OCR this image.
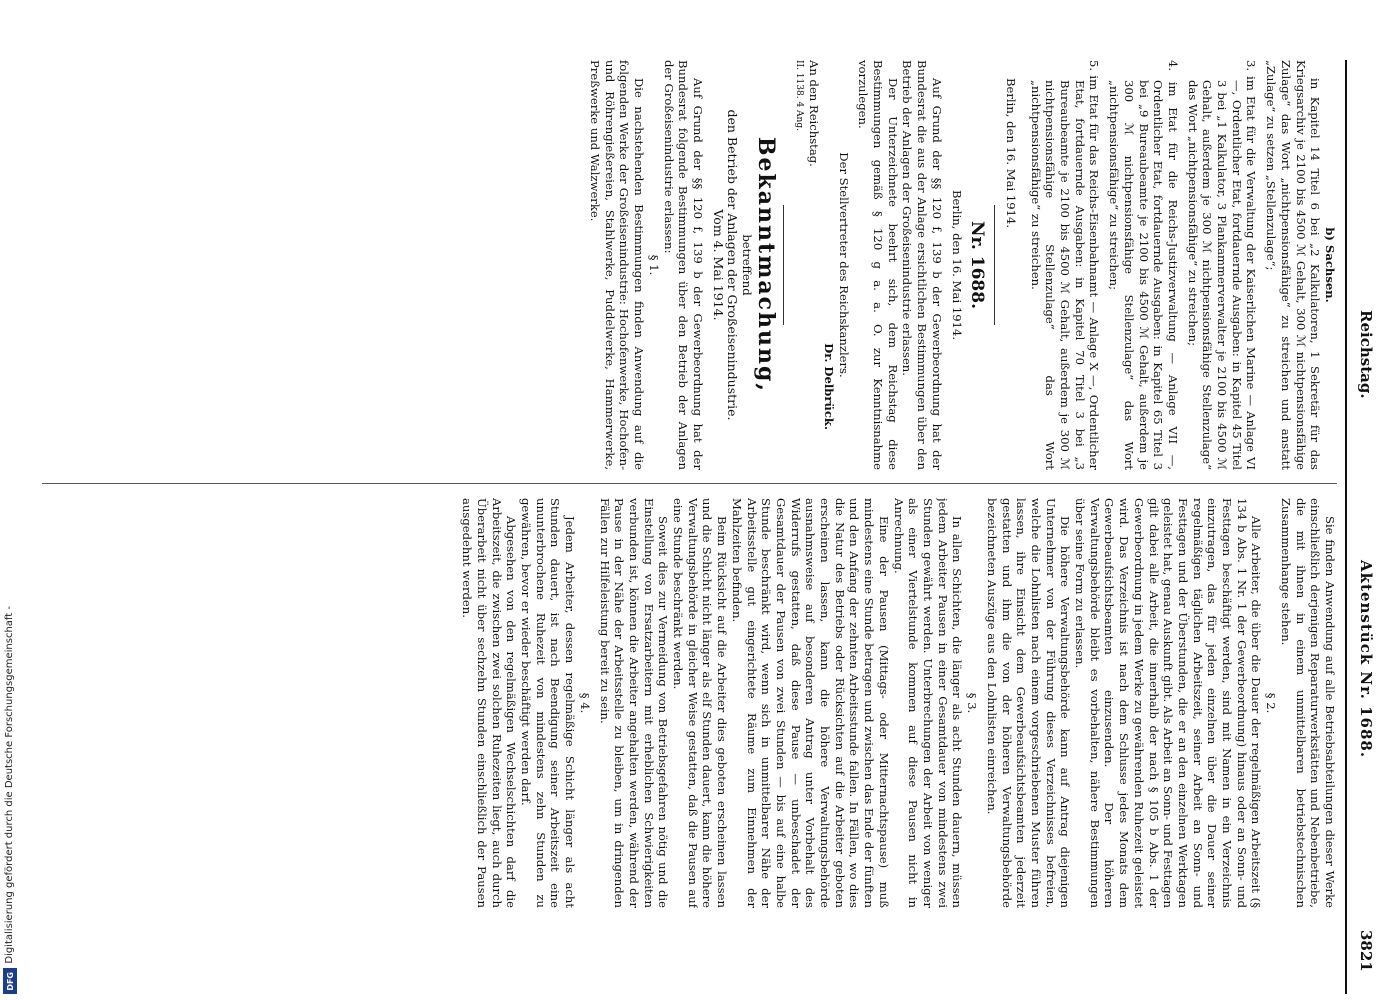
DFG
Digitalisierung gefördert durch die Deutsche Forschungsgemeinschaft -
Reichstag.
Aktenstück Nr. 1688.
3821

b) Sachsen.

in Kapitel 14 Titel 6 bei „2 Kalkulatoren, 1 Sekretär für das Kriegsarchiv je 2100 bis 4500 ℳ Gehalt, 300 ℳ nichtpensionsfähige Zulage“ das Wort „nichtpensionsfähige“ zu streichen und anstatt „Zulage“ zu setzen „Stellenzulage“;

3. im Etat für die Verwaltung der Kaiserlichen Marine — Anlage VI —, Ordentlicher Etat, fortdauernde Ausgaben: in Kapitel 45 Titel 3 bei „1 Kalkulator, 3 Plankammerverwalter je 2100 bis 4500 ℳ Gehalt, außerdem je 300 ℳ nichtpensionsfähige Stellenzulage“ das Wort „nichtpensionsfähige“ zu streichen;

4. im Etat für die Reichs-Justizverwaltung — Anlage VII —, Ordentlicher Etat, fortdauernde Ausgaben: in Kapitel 65 Titel 3 bei „9 Bureaubeamte je 2100 bis 4500 ℳ Gehalt, außerdem je 300 ℳ nichtpensionsfähige Stellenzulage“ das Wort „nichtpensionsfähige“ zu streichen;

5. im Etat für das Reichs-Eisenbahnamt — Anlage X —, Ordentlicher Etat, fortdauernde Ausgaben: in Kapitel 70 Titel 3 bei „3 Bureaubeamte je 2100 bis 4500 ℳ Gehalt, außerdem je 300 ℳ nichtpensionsfähige Stellenzulage“ das Wort „nichtpensionsfähige“ zu streichen.

Berlin, den 16. Mai 1914.

Nr. 1688.

Berlin, den 16. Mai 1914.

Auf Grund der §§ 120 f, 139 b der Gewerbeordnung hat der Bundesrat die aus der Anlage ersichtlichen Bestimmungen über den Betrieb der Anlagen der Großeisenindustrie erlassen.

Der Unterzeichnete beehrt sich, dem Reichstag diese Bestimmungen gemäß § 120 g a. a. O. zur Kenntnisnahme vorzulegen.

Der Stellvertreter des Reichskanzlers.

Dr. Delbrück.

An den Reichstag.

II. 1138. 4 Ang.

Bekanntmachung,

betreffend

den Betrieb der Anlagen der Großeisenindustrie.

Vom 4. Mai 1914.

Auf Grund der §§ 120 f, 139 b der Gewerbeordnung hat der Bundesrat folgende Bestimmungen über den Betrieb der Anlagen der Großeisenindustrie erlassen:

§ 1.

Die nachstehenden Bestimmungen finden Anwendung auf die folgenden Werke der Großeisenindustrie: Hochofenwerke, Hochofen- und Röhrengießereien, Stahlwerke, Puddelwerke, Hammerwerke, Preßwerke und Walzwerke.

Sie finden Anwendung auf alle Betriebsabteilungen dieser Werke einschließlich derjenigen Reparaturwerkstätten und Nebenbetriebe, die mit ihnen in einem unmittelbaren betriebstechnischen Zusammenhange stehen.

§ 2.

Alle Arbeiter, die über die Dauer der regelmäßigen Arbeitszeit (§ 134 b Abs. 1 Nr. 1 der Gewerbeordnung) hinaus oder an Sonn- und Festtagen beschäftigt werden, sind mit Namen in ein Verzeichnis einzutragen, das für jeden einzelnen über die Dauer seiner regelmäßigen täglichen Arbeitszeit, seiner Arbeit an Sonn- und Festtagen und der Überstunden, die er an den einzelnen Werktagen geleistet hat, genau Auskunft gibt. Als Arbeit an Sonn- und Festtagen gilt dabei alle Arbeit, die innerhalb der nach § 105 b Abs. 1 der Gewerbeordnung in jedem Werke zu gewährenden Ruhezeit geleistet wird. Das Verzeichnis ist nach dem Schlusse jedes Monats dem Gewerbeaufsichtsbeamten einzusenden. Der höheren Verwaltungsbehörde bleibt es vorbehalten, nähere Bestimmungen über seine Form zu erlassen.

Die höhere Verwaltungsbehörde kann auf Antrag diejenigen Unternehmer von der Führung dieses Verzeichnisses befreien, welche die Lohnlisten nach einem vorgeschriebenen Muster führen lassen, ihre Einsicht dem Gewerbeaufsichtsbeamten jederzeit gestatten und ihm die von der höheren Verwaltungsbehörde bezeichneten Auszüge aus den Lohnlisten einreichen.

§ 3.

In allen Schichten, die länger als acht Stunden dauern, müssen jedem Arbeiter Pausen in einer Gesamtdauer von mindestens zwei Stunden gewährt werden. Unterbrechungen der Arbeit von weniger als einer Viertelstunde kommen auf diese Pausen nicht in Anrechnung.

Eine der Pausen (Mittags- oder Mitternachtspause) muß mindestens eine Stunde betragen und zwischen das Ende der fünften und den Anfang der zehnten Arbeitsstunde fallen. In Fällen, wo dies die Natur des Betriebs oder Rücksichten auf die Arbeiter geboten erscheinen lassen, kann die höhere Verwaltungsbehörde ausnahmsweise auf besonderen Antrag unter Vorbehalt des Widerrufs gestatten, daß diese Pause — unbeschadet der Gesamtdauer der Pausen von zwei Stunden — bis auf eine halbe Stunde beschränkt wird, wenn sich in unmittelbarer Nähe der Arbeitsstelle gut eingerichtete Räume zum Einnehmen der Mahlzeiten befinden.

Beim Rücksicht auf die Arbeiter dies geboten erscheinen lassen und die Schicht nicht länger als elf Stunden dauert, kann die höhere Verwaltungsbehörde in gleicher Weise gestatten, daß die Pausen auf eine Stunde beschränkt werden.

Soweit dies zur Vermeidung von Betriebsgefahren nötig und die Einstellung von Ersatzarbeitern mit erheblichen Schwierigkeiten verbunden ist, können die Arbeiter angehalten werden, während der Pause in der Nähe der Arbeitsstelle zu bleiben, um in dringenden Fällen zur Hilfeleistung bereit zu sein.

§ 4.

Jedem Arbeiter, dessen regelmäßige Schicht länger als acht Stunden dauert, ist nach Beendigung seiner Arbeitszeit eine ununterbrochene Ruhezeit von mindestens zehn Stunden zu gewähren, bevor er wieder beschäftigt werden darf.

Abgesehen von den regelmäßigen Wechselschichten darf die Arbeitszeit, die zwischen zwei solchen Ruhezeiten liegt, auch durch Überarbeit nicht über sechzehn Stunden einschließlich der Pausen ausgedehnt werden.
